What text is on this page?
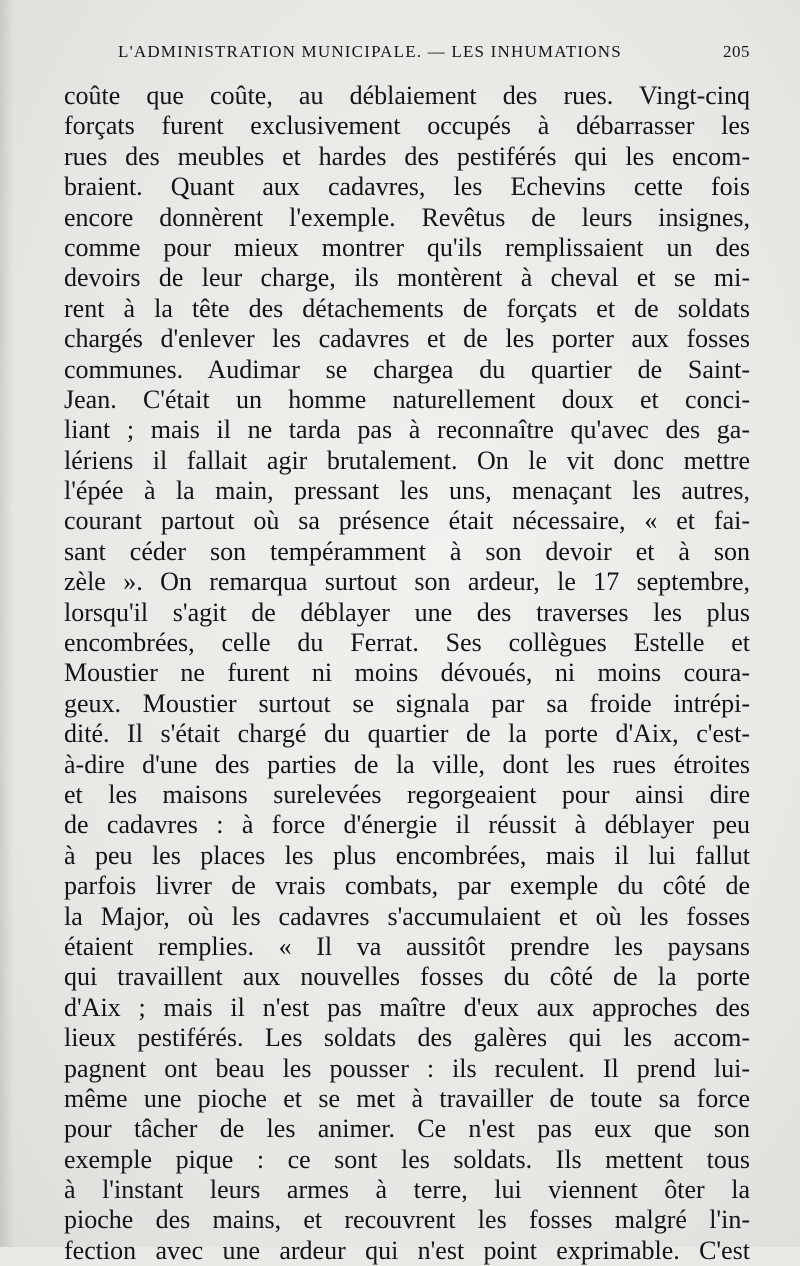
L'ADMINISTRATION MUNICIPALE. — LES INHUMATIONS	205
coûte que coûte, au déblaiement des rues. Vingt-cinq
forçats furent exclusivement occupés à débarrasser les
rues des meubles et hardes des pestiférés qui les encom-
braient. Quant aux cadavres, les Echevins cette fois
encore donnèrent l'exemple. Revêtus de leurs insignes,
comme pour mieux montrer qu'ils remplissaient un des
devoirs de leur charge, ils montèrent à cheval et se mi-
rent à la tête des détachements de forçats et de soldats
chargés d'enlever les cadavres et de les porter aux fosses
communes. Audimar se chargea du quartier de Saint-
Jean. C'était un homme naturellement doux et conci-
liant ; mais il ne tarda pas à reconnaître qu'avec des ga-
lériens il fallait agir brutalement. On le vit donc mettre
l'épée à la main, pressant les uns, menaçant les autres,
courant partout où sa présence était nécessaire, « et fai-
sant céder son tempéramment à son devoir et à son
zèle ». On remarqua surtout son ardeur, le 17 septembre,
lorsqu'il s'agit de déblayer une des traverses les plus
encombrées, celle du Ferrat. Ses collègues Estelle et
Moustier ne furent ni moins dévoués, ni moins coura-
geux. Moustier surtout se signala par sa froide intrépi-
dité. Il s'était chargé du quartier de la porte d'Aix, c'est-
à-dire d'une des parties de la ville, dont les rues étroites
et les maisons surelevées regorgeaient pour ainsi dire
de cadavres : à force d'énergie il réussit à déblayer peu
à peu les places les plus encombrées, mais il lui fallut
parfois livrer de vrais combats, par exemple du côté de
la Major, où les cadavres s'accumulaient et où les fosses
étaient remplies. « Il va aussitôt prendre les paysans
qui travaillent aux nouvelles fosses du côté de la porte
d'Aix ; mais il n'est pas maître d'eux aux approches des
lieux pestiférés. Les soldats des galères qui les accom-
pagnent ont beau les pousser : ils reculent. Il prend lui-
même une pioche et se met à travailler de toute sa force
pour tâcher de les animer. Ce n'est pas eux que son
exemple pique : ce sont les soldats. Ils mettent tous
à l'instant leurs armes à terre, lui viennent ôter la
pioche des mains, et recouvrent les fosses malgré l'in-
fection avec une ardeur qui n'est point exprimable. C'est
